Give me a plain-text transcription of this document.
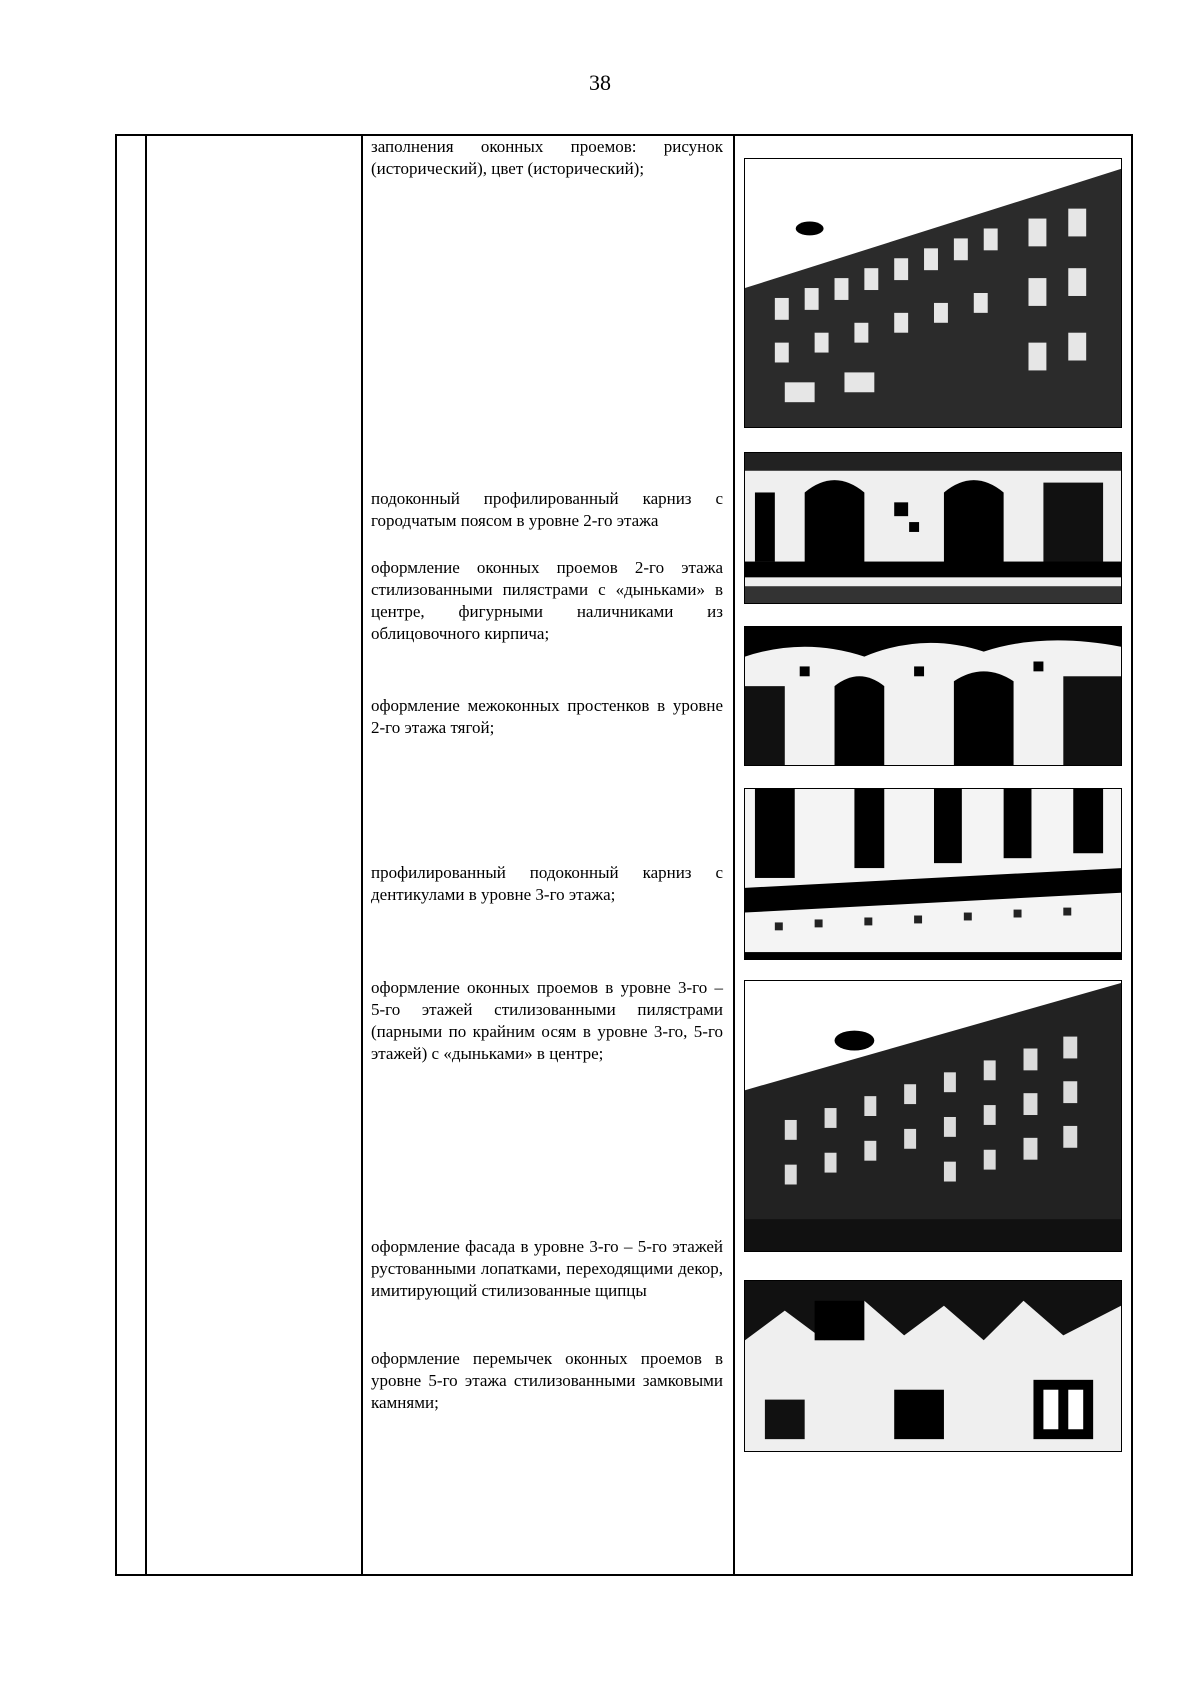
38

заполнения оконных проемов: рисунок (исторический), цвет (исторический);

подоконный профилированный карниз с городчатым поясом в уровне 2-го этажа

оформление оконных проемов 2-го этажа стилизованными пилястрами с «дыньками» в центре, фигурными наличниками из облицовочного кирпича;

оформление межоконных простенков в уровне 2-го этажа тягой;

профилированный подоконный карниз с дентикулами в уровне 3-го этажа;

оформление оконных проемов в уровне 3-го – 5-го этажей стилизованными пилястрами (парными по крайним осям в уровне 3-го, 5-го этажей) с «дыньками» в центре;

оформление фасада в уровне 3-го – 5-го этажей рустованными лопатками, переходящими декор, имитирующий стилизованные щипцы

оформление перемычек оконных проемов в уровне 5-го этажа стилизованными замковыми камнями;
